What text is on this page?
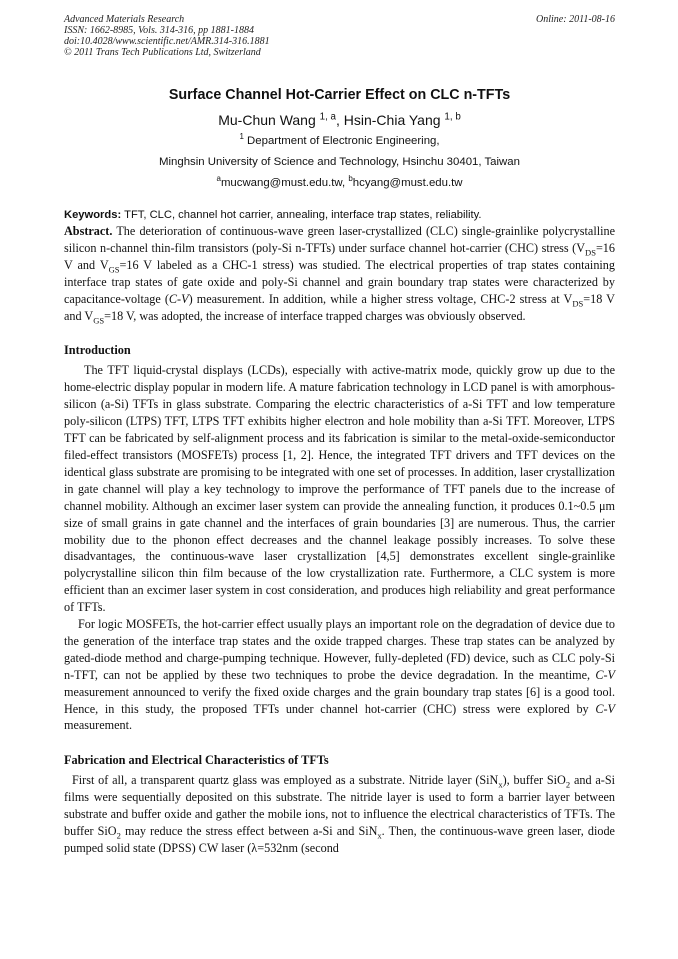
Advanced Materials Research
ISSN: 1662-8985, Vols. 314-316, pp 1881-1884
doi:10.4028/www.scientific.net/AMR.314-316.1881
© 2011 Trans Tech Publications Ltd, Switzerland
Online: 2011-08-16
Surface Channel Hot-Carrier Effect on CLC n-TFTs
Mu-Chun Wang $^{1, a}$, Hsin-Chia Yang $^{1, b}$
$^1$ Department of Electronic Engineering,
Minghsin University of Science and Technology, Hsinchu 30401, Taiwan
$^a$mucwang@must.edu.tw, $^b$hcyang@must.edu.tw
Keywords: TFT, CLC, channel hot carrier, annealing, interface trap states, reliability.

Abstract. The deterioration of continuous-wave green laser-crystallized (CLC) single-grainlike polycrystalline silicon n-channel thin-film transistors (poly-Si n-TFTs) under surface channel hot-carrier (CHC) stress ($V_{DS}=16$ V and $V_{GS}=16$ V labeled as a CHC-1 stress) was studied. The electrical properties of trap states containing interface trap states of gate oxide and poly-Si channel and grain boundary trap states were characterized by capacitance-voltage (C-V) measurement. In addition, while a higher stress voltage, CHC-2 stress at $V_{DS}=18$ V and $V_{GS}=18$ V, was adopted, the increase of interface trapped charges was obviously observed.

Introduction

The TFT liquid-crystal displays (LCDs), especially with active-matrix mode, quickly grow up due to the home-electric display popular in modern life. A mature fabrication technology in LCD panel is with amorphous-silicon (a-Si) TFTs in glass substrate. Comparing the electric characteristics of a-Si TFT and low temperature poly-silicon (LTPS) TFT, LTPS TFT exhibits higher electron and hole mobility than a-Si TFT. Moreover, LTPS TFT can be fabricated by self-alignment process and its fabrication is similar to the metal-oxide-semiconductor filed-effect transistors (MOSFETs) process [1, 2]. Hence, the integrated TFT drivers and TFT devices on the identical glass substrate are promising to be integrated with one set of processes. In addition, laser crystallization in gate channel will play a key technology to improve the performance of TFT panels due to the increase of channel mobility. Although an excimer laser system can provide the annealing function, it produces 0.1~0.5 μm size of small grains in gate channel and the interfaces of grain boundaries [3] are numerous. Thus, the carrier mobility due to the phonon effect decreases and the channel leakage possibly increases. To solve these disadvantages, the continuous-wave laser crystallization [4,5] demonstrates excellent single-grainlike polycrystalline silicon thin film because of the low crystallization rate. Furthermore, a CLC system is more efficient than an excimer laser system in cost consideration, and produces high reliability and great performance of TFTs.

For logic MOSFETs, the hot-carrier effect usually plays an important role on the degradation of device due to the generation of the interface trap states and the oxide trapped charges. These trap states can be analyzed by gated-diode method and charge-pumping technique. However, fully-depleted (FD) device, such as CLC poly-Si n-TFT, can not be applied by these two techniques to probe the device degradation. In the meantime, C-V measurement announced to verify the fixed oxide charges and the grain boundary trap states [6] is a good tool. Hence, in this study, the proposed TFTs under channel hot-carrier (CHC) stress were explored by C-V measurement.

Fabrication and Electrical Characteristics of TFTs

First of all, a transparent quartz glass was employed as a substrate. Nitride layer (SiN$_x$), buffer SiO$_2$ and a-Si films were sequentially deposited on this substrate. The nitride layer is used to form a barrier layer between substrate and buffer oxide and gather the mobile ions, not to influence the electrical characteristics of TFTs. The buffer SiO$_2$ may reduce the stress effect between a-Si and SiN$_x$. Then, the continuous-wave green laser, diode pumped solid state (DPSS) CW laser (λ=532nm (second
